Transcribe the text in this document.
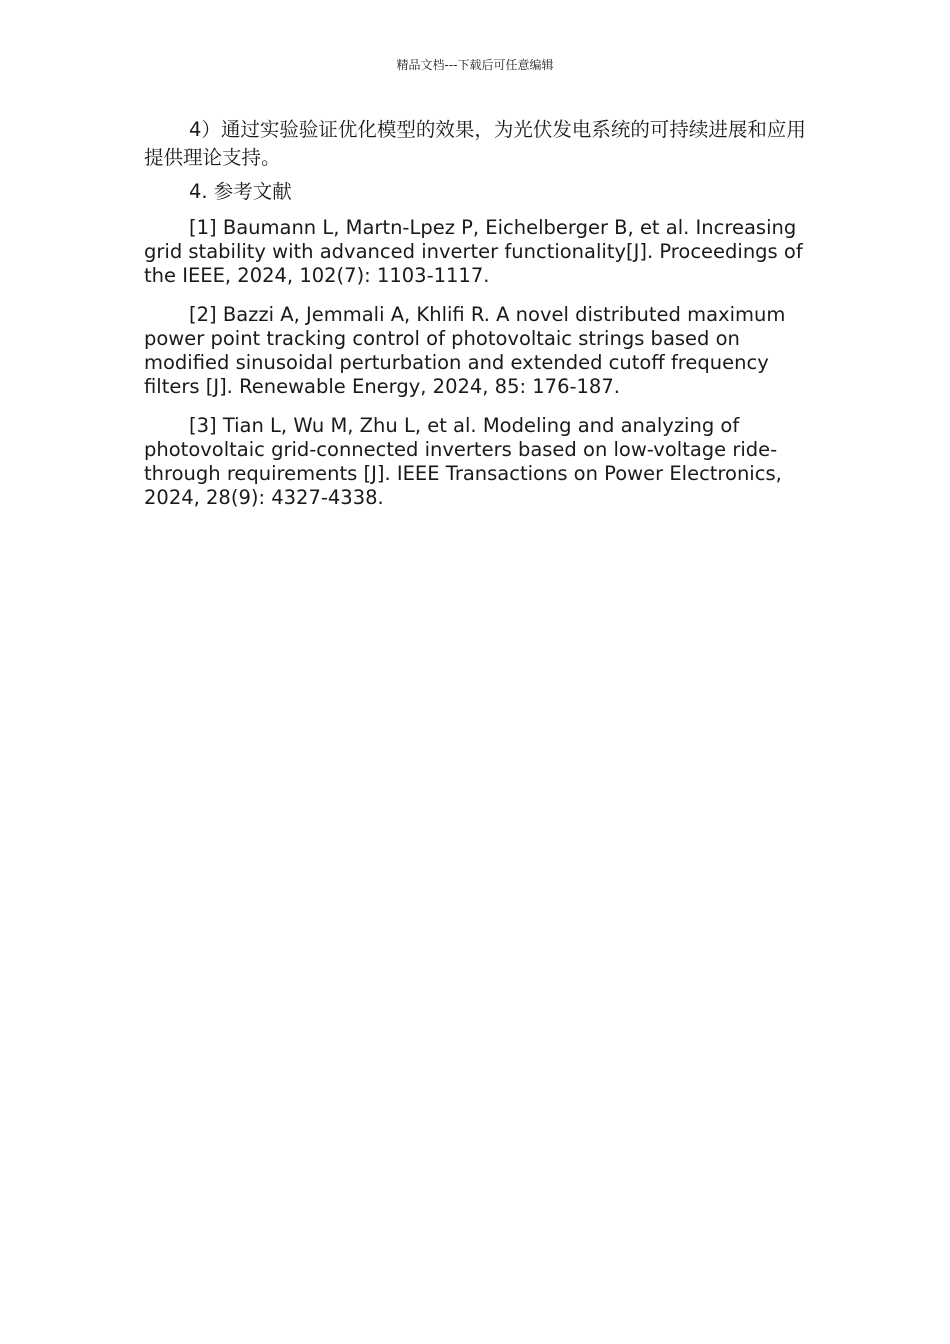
精品文档---下载后可任意编辑

4）通过实验验证优化模型的效果，为光伏发电系统的可持续进展和应用提供理论支持。

4. 参考文献

[1] Baumann L, Martn-Lpez P, Eichelberger B, et al. Increasing grid stability with advanced inverter functionality[J]. Proceedings of the IEEE, 2024, 102(7): 1103-1117.

[2] Bazzi A, Jemmali A, Khlifi R. A novel distributed maximum power point tracking control of photovoltaic strings based on modified sinusoidal perturbation and extended cutoff frequency filters [J]. Renewable Energy, 2024, 85: 176-187.

[3] Tian L, Wu M, Zhu L, et al. Modeling and analyzing of photovoltaic grid-connected inverters based on low-voltage ride-through requirements [J]. IEEE Transactions on Power Electronics, 2024, 28(9): 4327-4338.
